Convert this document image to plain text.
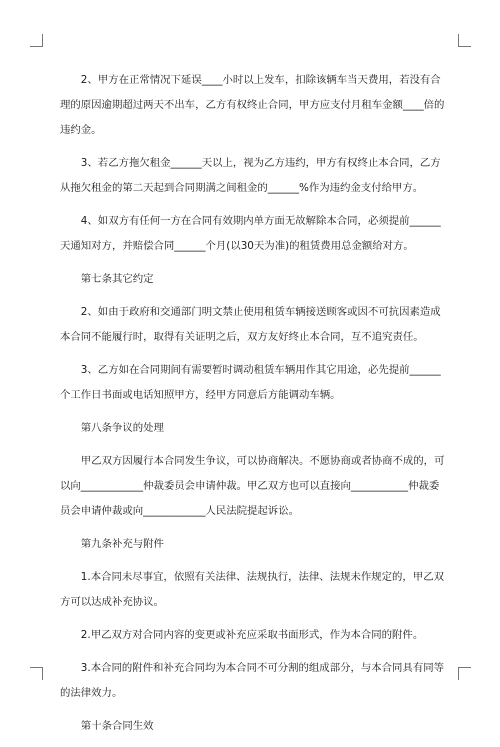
2、甲方在正常情况下延误____小时以上发车，扣除该辆车当天费用，若没有合
理的原因逾期超过两天不出车，乙方有权终止合同，甲方应支付月租车金额____倍的
违约金。

3、若乙方拖欠租金______天以上，视为乙方违约，甲方有权终止本合同，乙方
从拖欠租金的第二天起到合同期满之间租金的______%作为违约金支付给甲方。

4、如双方有任何一方在合同有效期内单方面无故解除本合同，必须提前______
天通知对方，并赔偿合同______个月(以30天为准)的租赁费用总金额给对方。

第七条其它约定

2、如由于政府和交通部门明文禁止使用租赁车辆接送顾客或因不可抗因素造成
本合同不能履行时，取得有关证明之后，双方友好终止本合同，互不追究责任。

3、乙方如在合同期间有需要暂时调动租赁车辆用作其它用途，必先提前______
个工作日书面或电话知照甲方，经甲方同意后方能调动车辆。

第八条争议的处理

甲乙双方因履行本合同发生争议，可以协商解决。不愿协商或者协商不成的，可
以向____________仲裁委员会申请仲裁。甲乙双方也可以直接向___________仲裁委
员会申请仲裁或向____________人民法院提起诉讼。

第九条补充与附件

1.本合同未尽事宜，依照有关法律、法规执行，法律、法规未作规定的，甲乙双
方可以达成补充协议。

2.甲乙双方对合同内容的变更或补充应采取书面形式，作为本合同的附件。

3.本合同的附件和补充合同均为本合同不可分割的组成部分，与本合同具有同等
的法律效力。

第十条合同生效
